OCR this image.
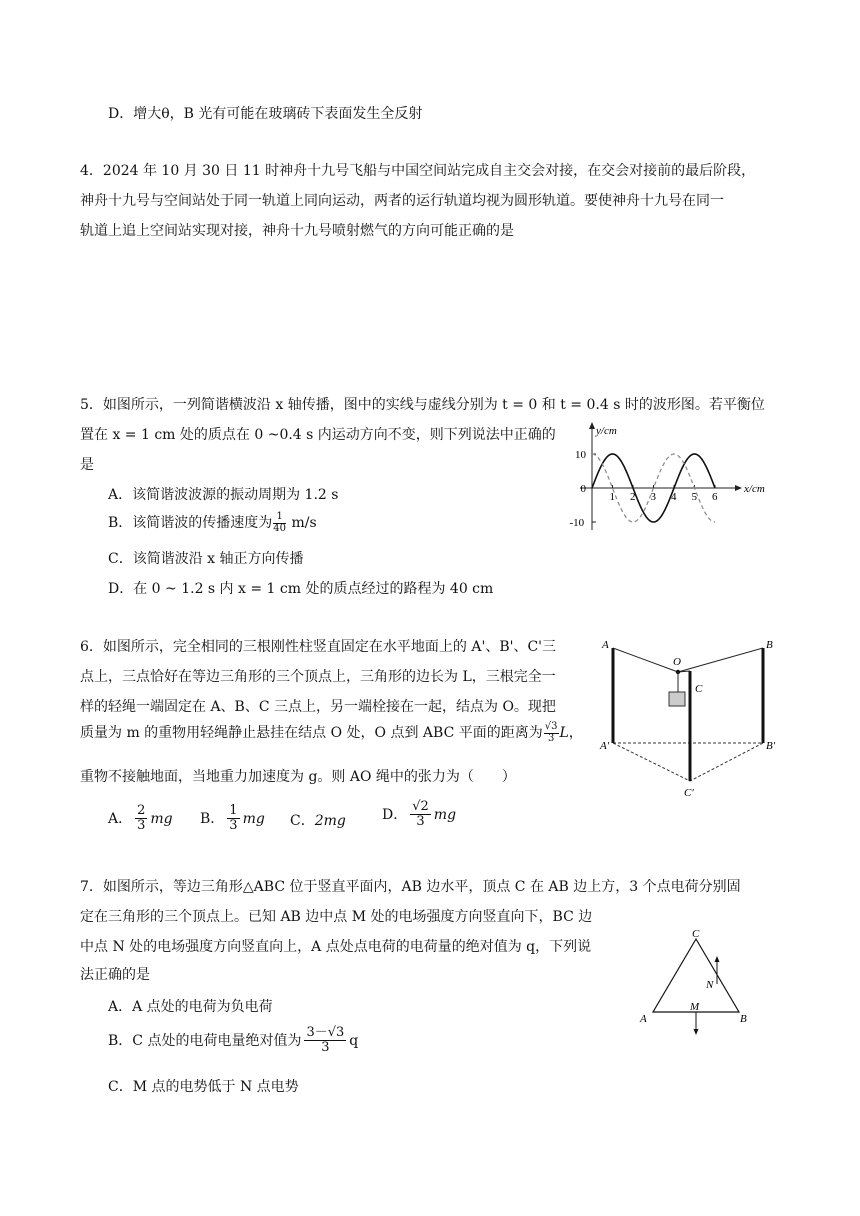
D．增大θ，B 光有可能在玻璃砖下表面发生全反射
4．2024 年 10 月 30 日 11 时神舟十九号飞船与中国空间站完成自主交会对接，在交会对接前的最后阶段，
神舟十九号与空间站处于同一轨道上同向运动，两者的运行轨道均视为圆形轨道。要使神舟十九号在同一
轨道上追上空间站实现对接，神舟十九号喷射燃气的方向可能正确的是
5．如图所示，一列简谐横波沿 x 轴传播，图中的实线与虚线分别为 t = 0 和 t = 0.4 s 时的波形图。若平衡位
置在 x = 1 cm 处的质点在 0 ~0.4 s 内运动方向不变，则下列说法中正确的
是
A．该简谐波波源的振动周期为 1.2 s
B．该简谐波的传播速度为 $\frac{1}{40} m/s$
C．该简谐波沿 x 轴正方向传播
D．在 0 ~ 1.2 s 内 x = 1 cm 处的质点经过的路程为 40 cm
y/cm
x/cm
1 2 3 4 5 6
10
0
-10
6．如图所示，完全相同的三根刚性柱竖直固定在水平地面上的 A'、B'、C'三
点上，三点恰好在等边三角形的三个顶点上，三角形的边长为 L，三根完全一
样的轻绳一端固定在 A、B、C 三点上，另一端栓接在一起，结点为 O。现把
质量为 m 的重物用轻绳静止悬挂在结点 O 处，O 点到 ABC 平面的距离为 $\frac{√3}{3}$ L，
重物不接触地面，当地重力加速度为 g。则 AO 绳中的张力为（　　）
A． $\frac{2}{3}$ mg B． $\frac{1}{3}$ mg C．2mg	D． $\frac{√2}{3}$ mg
A	B
O
C
A′	B′
C′
7．如图所示，等边三角形△ABC 位于竖直平面内，AB 边水平，顶点 C 在 AB 边上方，3 个点电荷分别固
定在三角形的三个顶点上。已知 AB 边中点 M 处的电场强度方向竖直向下，BC 边
中点 N 处的电场强度方向竖直向上，A 点处点电荷的电荷量的绝对值为 q，下列说
法正确的是
A．A 点处的电荷为负电荷
B．C 点处的电荷电量绝对值为 $\frac{3-√3}{3}$ q
C．M 点的电势低于 N 点电势
C
A	B
M
N
